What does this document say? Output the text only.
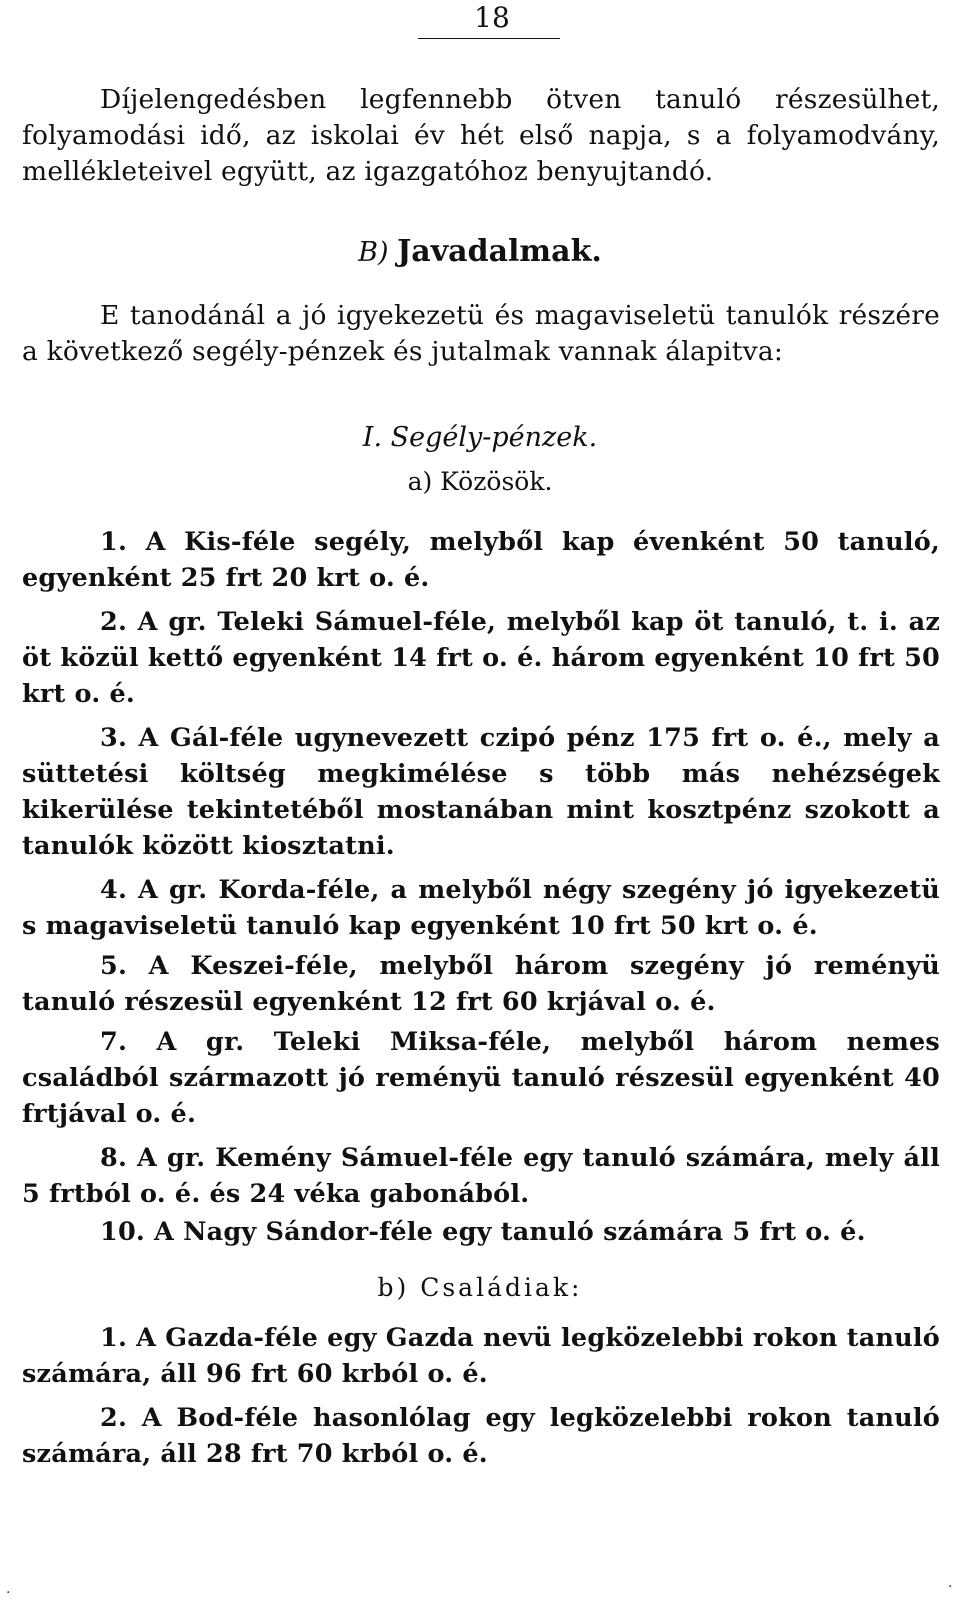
18

Díjelengedésben legfennebb ötven tanuló részesülhet, folyamodási idő, az iskolai év hét első napja, s a folyamodvány, mellékleteivel együtt, az igazgatóhoz benyujtandó.

B) Javadalmak.

E tanodánál a jó igyekezetü és magaviseletü tanulók részére a következő segély-pénzek és jutalmak vannak álapitva:

I. Segély-pénzek.

a) Közösök.

1. A Kis-féle segély, melyből kap évenként 50 tanuló, egyenként 25 frt 20 krt o. é.

2. A gr. Teleki Sámuel-féle, melyből kap öt tanuló, t. i. az öt közül kettő egyenként 14 frt o. é. három egyenként 10 frt 50 krt o. é.

3. A Gál-féle ugynevezett czipó pénz 175 frt o. é., mely a süttetési költség megkimélése s több más nehézségek kikerülése tekintetéből mostanában mint kosztpénz szokott a tanulók között kiosztatni.

4. A gr. Korda-féle, a melyből négy szegény jó igyekezetü s magaviseletü tanuló kap egyenként 10 frt 50 krt o. é.

5. A Keszei-féle, melyből három szegény jó reményü tanuló részesül egyenként 12 frt 60 krjával o. é.

7. A gr. Teleki Miksa-féle, melyből három nemes családból származott jó reményü tanuló részesül egyenként 40 frtjával o. é.

8. A gr. Kemény Sámuel-féle egy tanuló számára, mely áll 5 frtból o. é. és 24 véka gabonából.

10. A Nagy Sándor-féle egy tanuló számára 5 frt o. é.

b) Családiak:

1. A Gazda-féle egy Gazda nevü legközelebbi rokon tanuló számára, áll 96 frt 60 krból o. é.

2. A Bod-féle hasonlólag egy legközelebbi rokon tanuló számára, áll 28 frt 70 krból o. é.

·	·
